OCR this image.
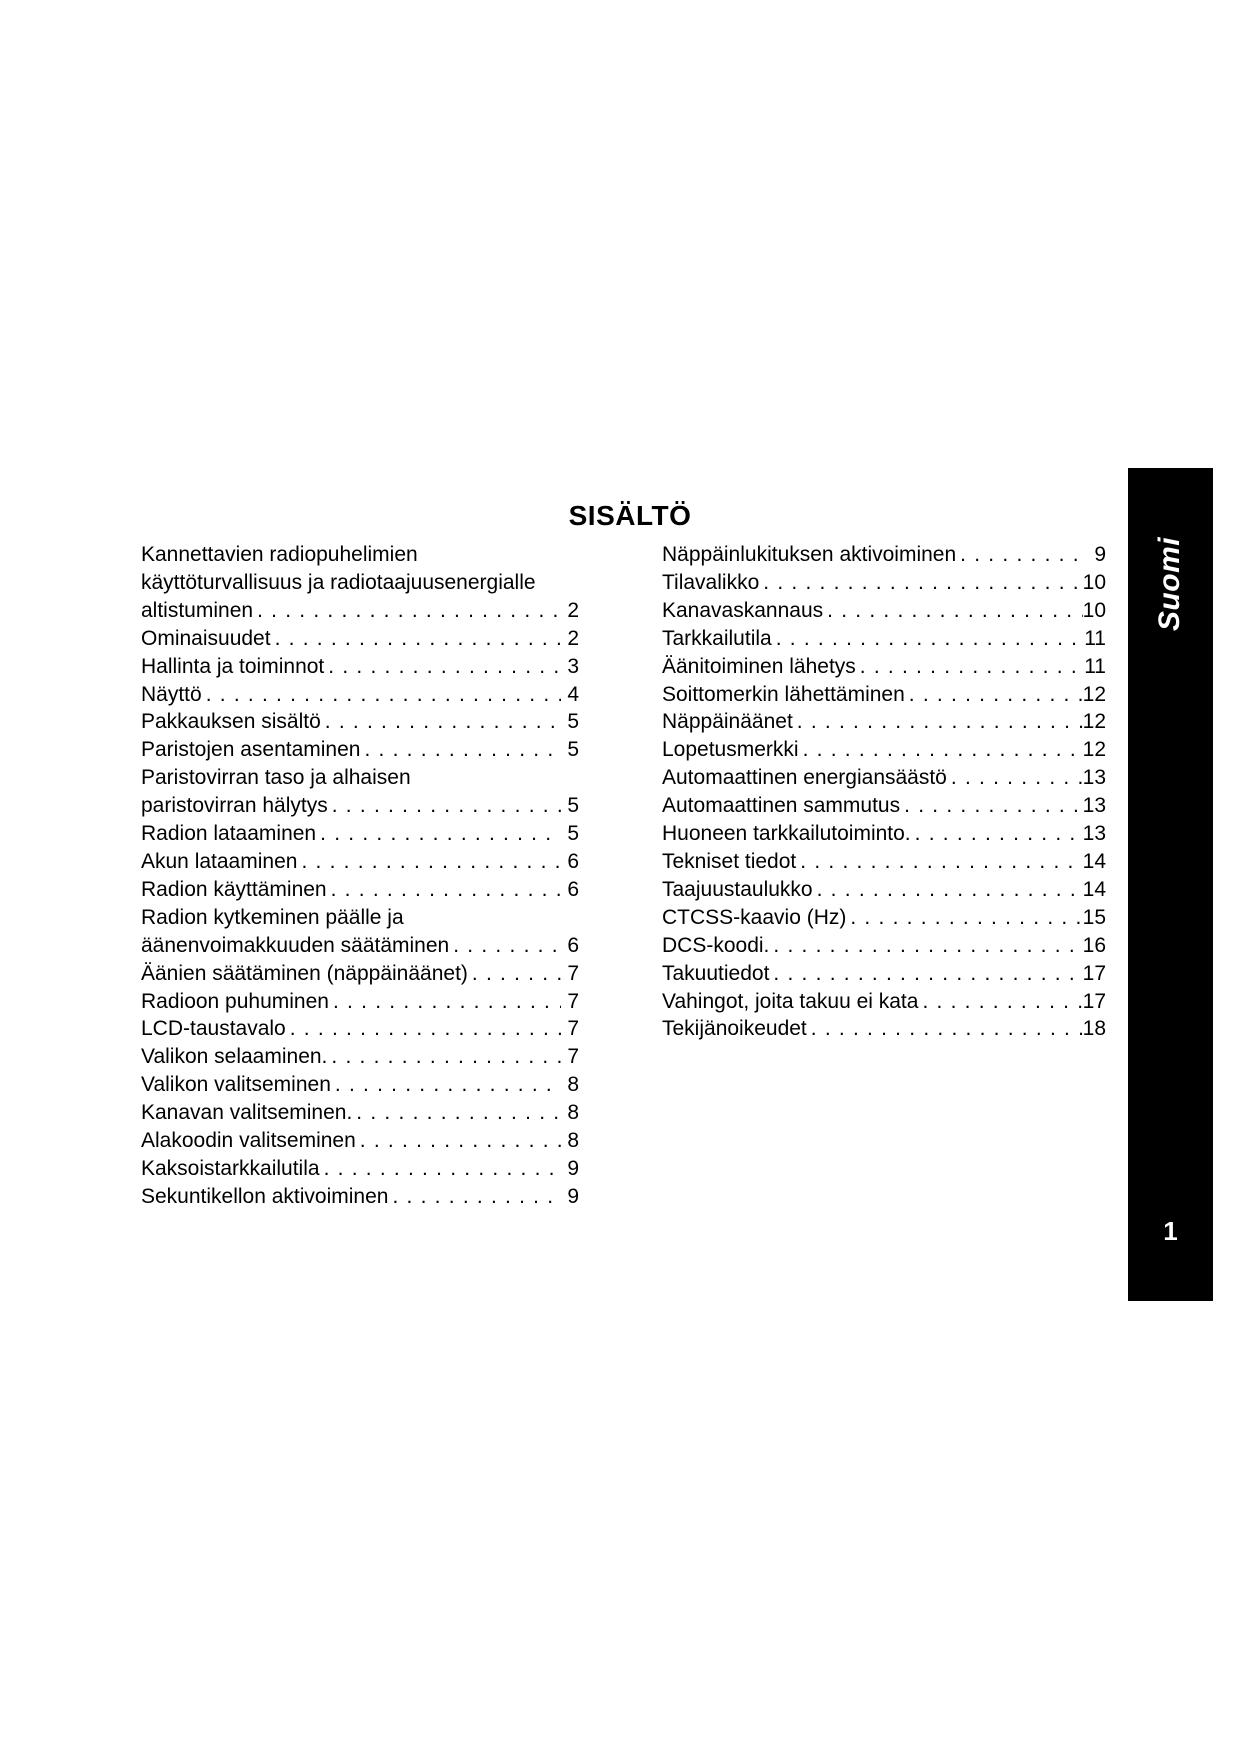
SISÄLTÖ
Kannettavien radiopuhelimien
käyttöturvallisuus ja radiotaajuusenergialle
altistuminen . . .	2
Ominaisuudet . . .	2
Hallinta ja toiminnot . . .	3
Näyttö . . .	4
Pakkauksen sisältö . . .	5
Paristojen asentaminen . . .	5
Paristovirran taso ja alhaisen
paristovirran hälytys . . .	5
Radion lataaminen . . .	5
Akun lataaminen . . .	6
Radion käyttäminen . . .	6
Radion kytkeminen päälle ja
äänenvoimakkuuden säätäminen . . .	6
Äänien säätäminen (näppäinäänet) . . .	7
Radioon puhuminen . . .	7
LCD-taustavalo . . .	7
Valikon selaaminen. . . .	7
Valikon valitseminen . . .	8
Kanavan valitseminen. . . .	8
Alakoodin valitseminen . . .	8
Kaksoistarkkailutila . . .	9
Sekuntikellon aktivoiminen . . .	9
Näppäinlukituksen aktivoiminen . . .	9
Tilavalikko . . .	10
Kanavaskannaus . . .	10
Tarkkailutila . . .	11
Äänitoiminen lähetys . . .	11
Soittomerkin lähettäminen . . .	12
Näppäinäänet . . .	12
Lopetusmerkki . . .	12
Automaattinen energiansäästö . . .	13
Automaattinen sammutus . . .	13
Huoneen tarkkailutoiminto. . . .	13
Tekniset tiedot . . .	14
Taajuustaulukko . . .	14
CTCSS-kaavio (Hz) . . .	15
DCS-koodi. . . .	16
Takuutiedot . . .	17
Vahingot, joita takuu ei kata . . .	17
Tekijänoikeudet . . .	18
Suomi
1
